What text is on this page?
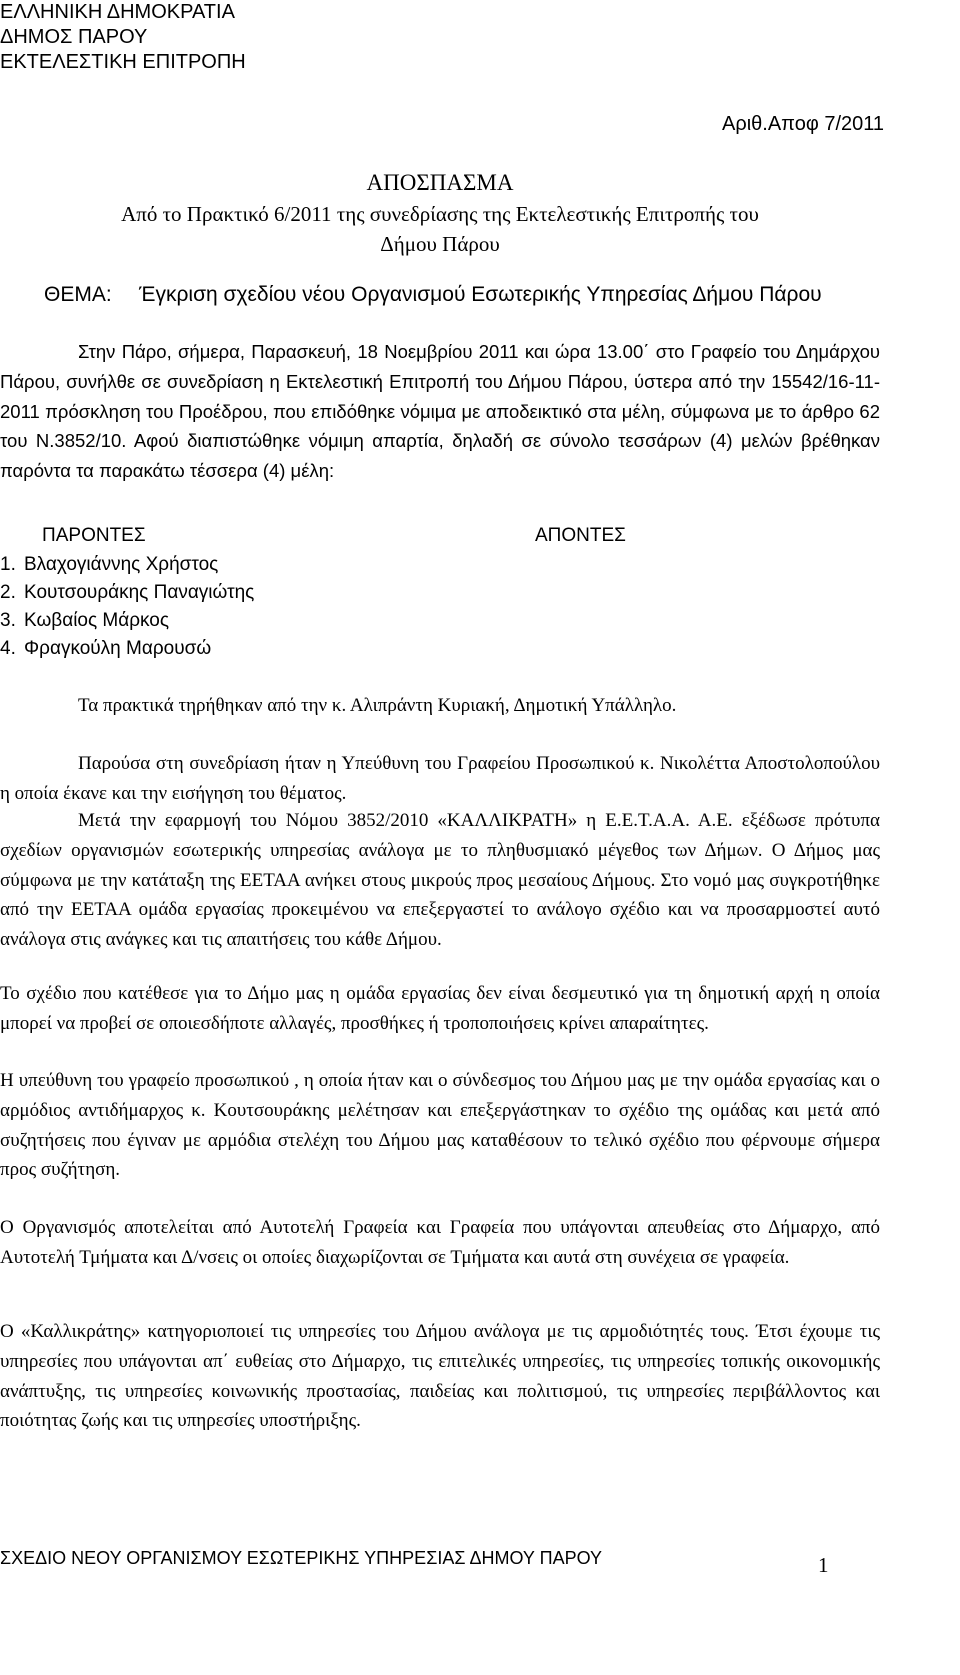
ΕΛΛΗΝΙΚΗ ΔΗΜΟΚΡΑΤΙΑ
ΔΗΜΟΣ ΠΑΡΟΥ
ΕΚΤΕΛΕΣΤΙΚΗ ΕΠΙΤΡΟΠΗ
Αριθ.Αποφ 7/2011
ΑΠΟΣΠΑΣΜΑ
Από το Πρακτικό 6/2011 της συνεδρίασης της Εκτελεστικής Επιτροπής του
Δήμου Πάρου
ΘΕΜΑ: Έγκριση σχεδίου νέου Οργανισμού Εσωτερικής Υπηρεσίας Δήμου Πάρου

Στην Πάρο, σήμερα, Παρασκευή, 18 Νοεμβρίου 2011 και ώρα 13.00΄ στο Γραφείο του Δημάρχου Πάρου, συνήλθε σε συνεδρίαση η Εκτελεστική Επιτροπή του Δήμου Πάρου, ύστερα από την 15542/16-11-2011 πρόσκληση του Προέδρου, που επιδόθηκε νόμιμα με αποδεικτικό στα μέλη, σύμφωνα με το άρθρο 62 του Ν.3852/10. Αφού διαπιστώθηκε νόμιμη απαρτία, δηλαδή σε σύνολο τεσσάρων (4) μελών βρέθηκαν παρόντα τα παρακάτω τέσσερα (4) μέλη:

ΠΑΡΟΝΤΕΣ	ΑΠΟΝΤΕΣ
1. Βλαχογιάννης Χρήστος
2. Κουτσουράκης Παναγιώτης
3. Κωβαίος Μάρκος
4. Φραγκούλη Μαρουσώ

Τα πρακτικά τηρήθηκαν από την κ. Αλιπράντη Κυριακή, Δημοτική Υπάλληλο.

Παρούσα στη συνεδρίαση ήταν η Υπεύθυνη του Γραφείου Προσωπικού κ. Νικολέττα Αποστολοπούλου η οποία έκανε και την εισήγηση του θέματος.

Μετά την εφαρμογή του Νόμου 3852/2010 «ΚΑΛΛΙΚΡΑΤΗ» η Ε.Ε.Τ.Α.Α. Α.Ε. εξέδωσε πρότυπα σχεδίων οργανισμών εσωτερικής υπηρεσίας ανάλογα με το πληθυσμιακό μέγεθος των Δήμων. Ο Δήμος μας σύμφωνα με την κατάταξη της ΕΕΤΑΑ ανήκει στους μικρούς προς μεσαίους Δήμους. Στο νομό μας συγκροτήθηκε από την ΕΕΤΑΑ ομάδα εργασίας προκειμένου να επεξεργαστεί το ανάλογο σχέδιο και να προσαρμοστεί αυτό ανάλογα στις ανάγκες και τις απαιτήσεις του κάθε Δήμου.

Το σχέδιο που κατέθεσε για το Δήμο μας η ομάδα εργασίας δεν είναι δεσμευτικό για τη δημοτική αρχή η οποία μπορεί να προβεί σε οποιεσδήποτε αλλαγές, προσθήκες ή τροποποιήσεις κρίνει απαραίτητες.

Η υπεύθυνη του γραφείο προσωπικού , η οποία ήταν και ο σύνδεσμος του Δήμου μας με την ομάδα εργασίας και ο αρμόδιος αντιδήμαρχος κ. Κουτσουράκης μελέτησαν και επεξεργάστηκαν το σχέδιο της ομάδας και μετά από συζητήσεις που έγιναν με αρμόδια στελέχη του Δήμου μας καταθέσουν το τελικό σχέδιο που φέρνουμε σήμερα προς συζήτηση.

Ο Οργανισμός αποτελείται από Αυτοτελή Γραφεία και Γραφεία που υπάγονται απευθείας στο Δήμαρχο, από Αυτοτελή Τμήματα και Δ/νσεις οι οποίες διαχωρίζονται σε Τμήματα και αυτά στη συνέχεια σε γραφεία.

Ο «Καλλικράτης» κατηγοριοποιεί τις υπηρεσίες του Δήμου ανάλογα με τις αρμοδιότητές τους. Έτσι έχουμε τις υπηρεσίες που υπάγονται απ΄ ευθείας στο Δήμαρχο, τις επιτελικές υπηρεσίες, τις υπηρεσίες τοπικής οικονομικής ανάπτυξης, τις υπηρεσίες κοινωνικής προστασίας, παιδείας και πολιτισμού, τις υπηρεσίες περιβάλλοντος και ποιότητας ζωής και τις υπηρεσίες υποστήριξης.

ΣΧΕΔΙΟ ΝΕΟΥ ΟΡΓΑΝΙΣΜΟΥ ΕΣΩΤΕΡΙΚΗΣ ΥΠΗΡΕΣΙΑΣ ΔΗΜΟΥ ΠΑΡΟΥ	1
